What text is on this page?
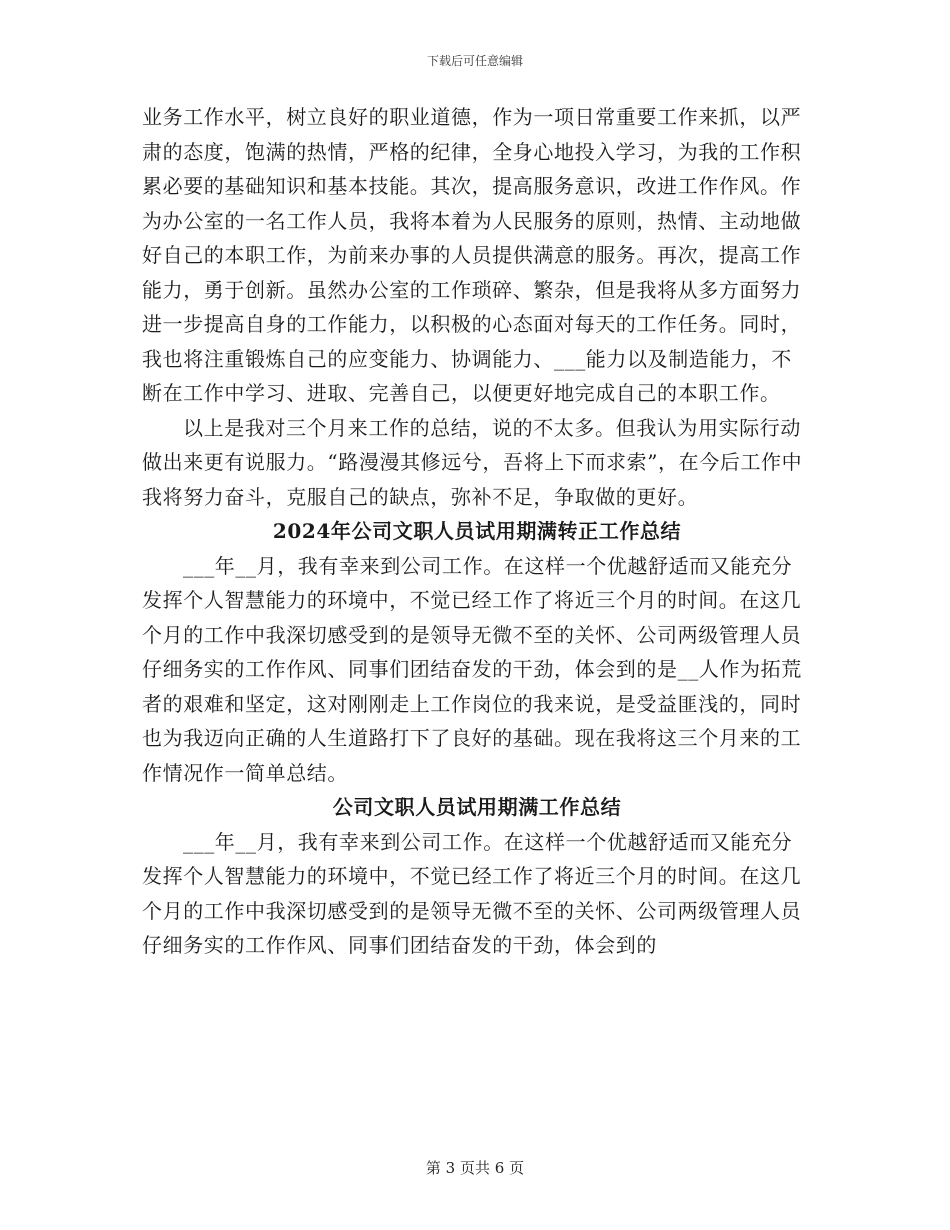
下载后可任意编辑

业务工作水平，树立良好的职业道德，作为一项日常重要工作来抓，以严肃的态度，饱满的热情，严格的纪律，全身心地投入学习，为我的工作积累必要的基础知识和基本技能。其次，提高服务意识，改进工作作风。作为办公室的一名工作人员，我将本着为人民服务的原则，热情、主动地做好自己的本职工作，为前来办事的人员提供满意的服务。再次，提高工作能力，勇于创新。虽然办公室的工作琐碎、繁杂，但是我将从多方面努力进一步提高自身的工作能力，以积极的心态面对每天的工作任务。同时，我也将注重锻炼自己的应变能力、协调能力、___能力以及制造能力，不断在工作中学习、进取、完善自己，以便更好地完成自己的本职工作。

以上是我对三个月来工作的总结，说的不太多。但我认为用实际行动做出来更有说服力。“路漫漫其修远兮，吾将上下而求索”，在今后工作中我将努力奋斗，克服自己的缺点，弥补不足，争取做的更好。

2024年公司文职人员试用期满转正工作总结

___年__月，我有幸来到公司工作。在这样一个优越舒适而又能充分发挥个人智慧能力的环境中，不觉已经工作了将近三个月的时间。在这几个月的工作中我深切感受到的是领导无微不至的关怀、公司两级管理人员仔细务实的工作作风、同事们团结奋发的干劲，体会到的是__人作为拓荒者的艰难和坚定，这对刚刚走上工作岗位的我来说，是受益匪浅的，同时也为我迈向正确的人生道路打下了良好的基础。现在我将这三个月来的工作情况作一简单总结。

公司文职人员试用期满工作总结

___年__月，我有幸来到公司工作。在这样一个优越舒适而又能充分发挥个人智慧能力的环境中，不觉已经工作了将近三个月的时间。在这几个月的工作中我深切感受到的是领导无微不至的关怀、公司两级管理人员仔细务实的工作作风、同事们团结奋发的干劲，体会到的

第 3 页共 6 页
